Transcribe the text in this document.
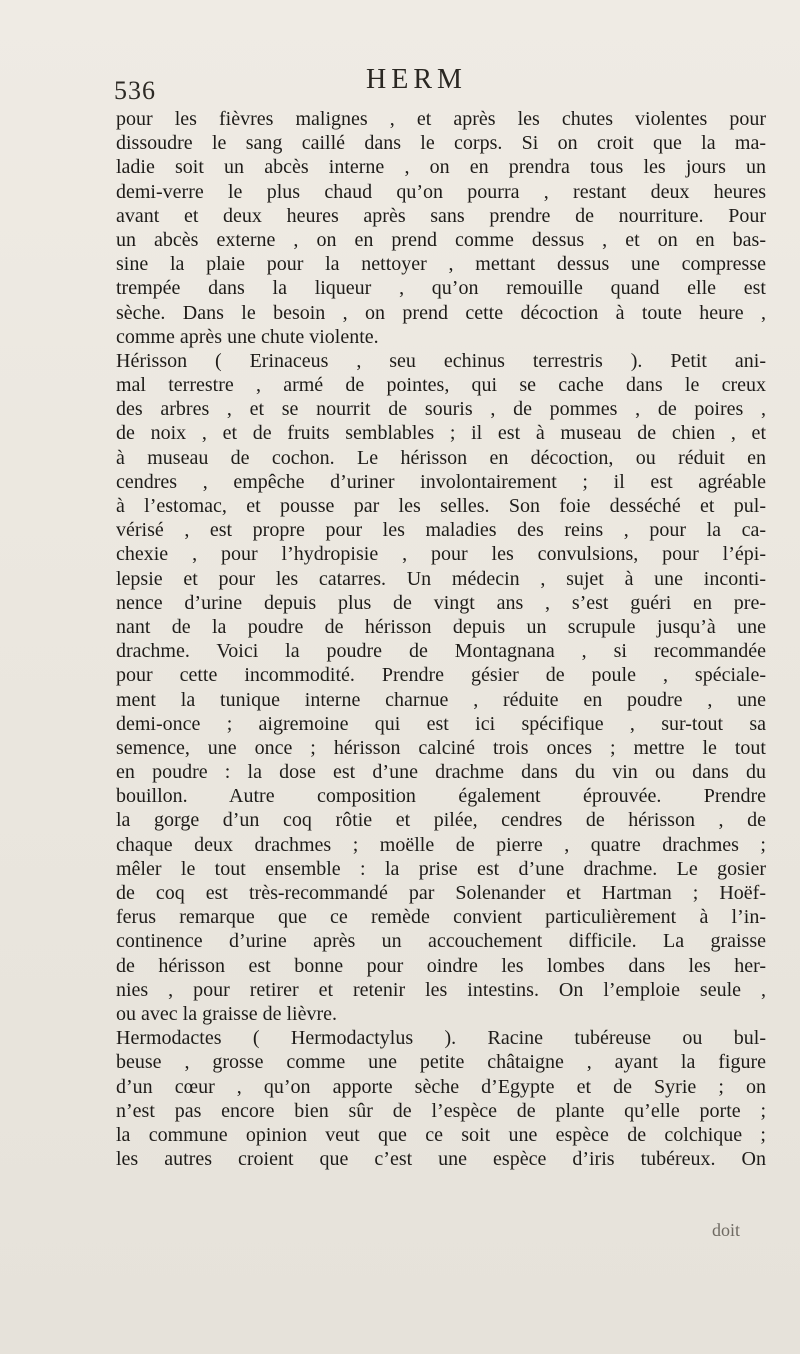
536	HERM
pour les fièvres malignes , et après les chutes violentes pour
dissoudre le sang caillé dans le corps. Si on croit que la ma-
ladie soit un abcès interne , on en prendra tous les jours un
demi-verre le plus chaud qu’on pourra , restant deux heures
avant et deux heures après sans prendre de nourriture. Pour
un abcès externe , on en prend comme dessus , et on en bas-
sine la plaie pour la nettoyer , mettant dessus une compresse
trempée dans la liqueur , qu’on remouille quand elle est
sèche. Dans le besoin , on prend cette décoction à toute heure ,
comme après une chute violente.
Hérisson ( Erinaceus , seu echinus terrestris ). Petit ani-
mal terrestre , armé de pointes, qui se cache dans le creux
des arbres , et se nourrit de souris , de pommes , de poires ,
de noix , et de fruits semblables ; il est à museau de chien , et
à museau de cochon. Le hérisson en décoction, ou réduit en
cendres , empêche d’uriner involontairement ; il est agréable
à l’estomac, et pousse par les selles. Son foie desséché et pul-
vérisé , est propre pour les maladies des reins , pour la ca-
chexie , pour l’hydropisie , pour les convulsions, pour l’épi-
lepsie et pour les catarres. Un médecin , sujet à une inconti-
nence d’urine depuis plus de vingt ans , s’est guéri en pre-
nant de la poudre de hérisson depuis un scrupule jusqu’à une
drachme. Voici la poudre de Montagnana , si recommandée
pour cette incommodité. Prendre gésier de poule , spéciale-
ment la tunique interne charnue , réduite en poudre , une
demi-once ; aigremoine qui est ici spécifique , sur-tout sa
semence, une once ; hérisson calciné trois onces ; mettre le tout
en poudre : la dose est d’une drachme dans du vin ou dans du
bouillon. Autre composition également éprouvée. Prendre
la gorge d’un coq rôtie et pilée, cendres de hérisson , de
chaque deux drachmes ; moëlle de pierre , quatre drachmes ;
mêler le tout ensemble : la prise est d’une drachme. Le gosier
de coq est très-recommandé par Solenander et Hartman ; Hoëf-
ferus remarque que ce remède convient particulièrement à l’in-
continence d’urine après un accouchement difficile. La graisse
de hérisson est bonne pour oindre les lombes dans les her-
nies , pour retirer et retenir les intestins. On l’emploie seule ,
ou avec la graisse de lièvre.
Hermodactes ( Hermodactylus ). Racine tubéreuse ou bul-
beuse , grosse comme une petite châtaigne , ayant la figure
d’un cœur , qu’on apporte sèche d’Egypte et de Syrie ; on
n’est pas encore bien sûr de l’espèce de plante qu’elle porte ;
la commune opinion veut que ce soit une espèce de colchique ;
les autres croient que c’est une espèce d’iris tubéreux. On
doit
